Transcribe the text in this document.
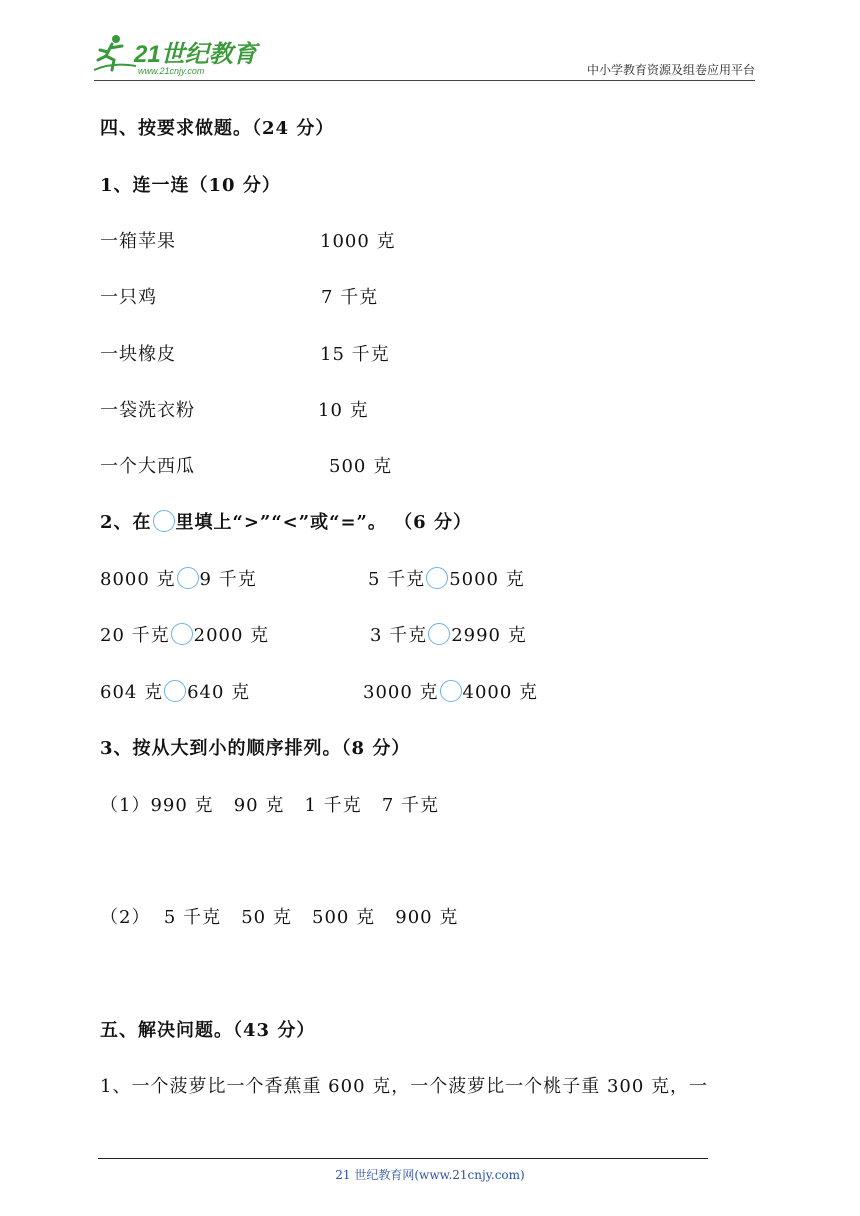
21世纪教育
www.21cnjy.com	中小学教育资源及组卷应用平台
四、按要求做题。（24 分）
1、连一连（10 分）
一箱苹果	1000 克
一只鸡	7 千克
一块橡皮	15 千克
一袋洗衣粉	10 克
一个大西瓜	500 克
2、在 里填上“>”“<”或“=”。 （6 分）
8000 克 9 千克	5 千克 5000 克
20 千克 2000 克	3 千克 2990 克
604 克 640 克	3000 克 4000 克
3、按从大到小的顺序排列。（8 分）
（1）990 克   90 克   1 千克   7 千克
（2）  5 千克   50 克   500 克   900 克
五、解决问题。（43 分）
1、一个菠萝比一个香蕉重 600 克，一个菠萝比一个桃子重 300 克，一
21 世纪教育网(www.21cnjy.com)
